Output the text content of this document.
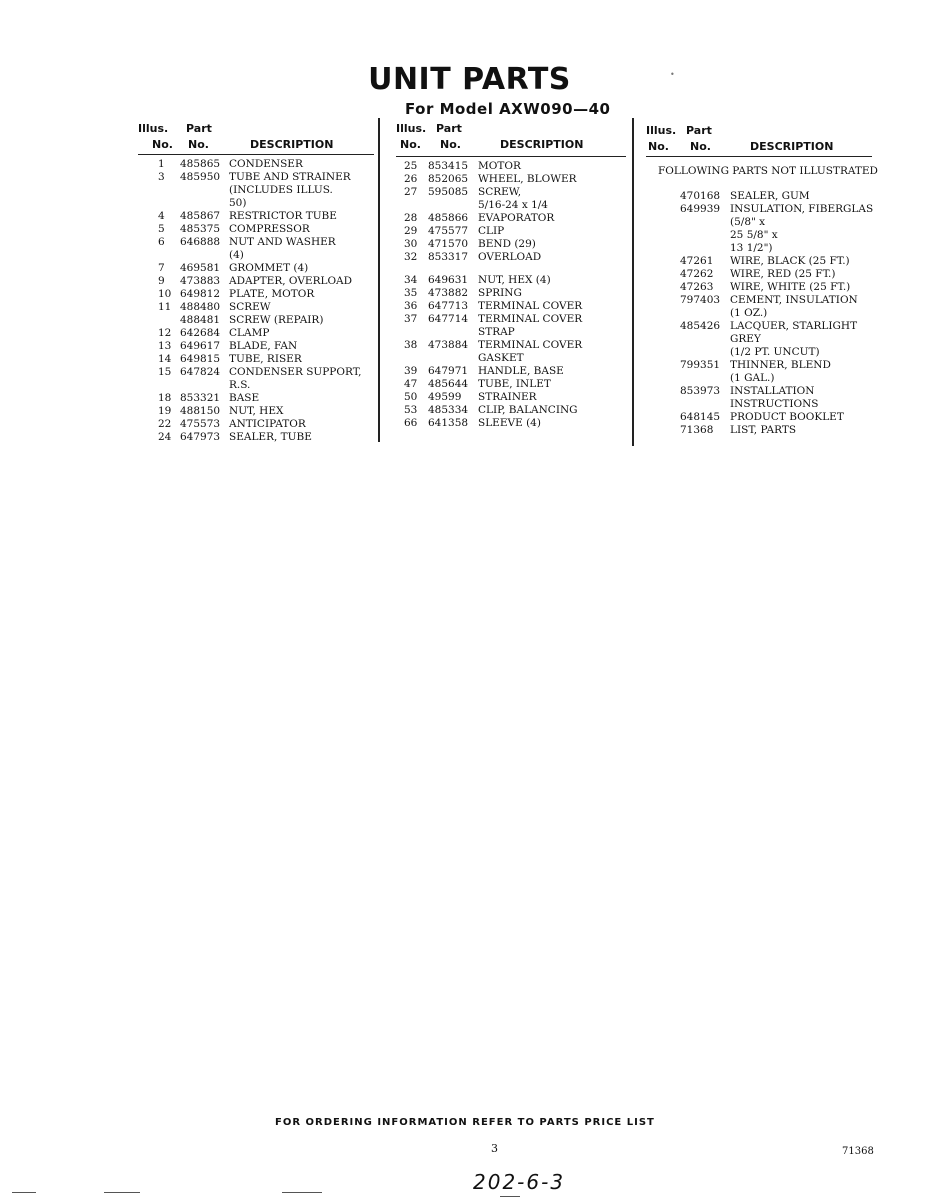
UNIT PARTS
For Model AXW090—40
•
Illus. Part
No. No.	DESCRIPTION
1 485865 CONDENSER
3 485950 TUBE AND STRAINER
(INCLUDES ILLUS.
50)
4 485867 RESTRICTOR TUBE
5 485375 COMPRESSOR
6 646888 NUT AND WASHER
(4)
7 469581 GROMMET (4)
9 473883 ADAPTER, OVERLOAD
10 649812 PLATE, MOTOR
11 488480 SCREW
488481 SCREW (REPAIR)
12 642684 CLAMP
13 649617 BLADE, FAN
14 649815 TUBE, RISER
15 647824 CONDENSER SUPPORT,
R.S.
18 853321 BASE
19 488150 NUT, HEX
22 475573 ANTICIPATOR
24 647973 SEALER, TUBE
Illus. Part
No. No.	DESCRIPTION
25 853415 MOTOR
26 852065 WHEEL, BLOWER
27 595085 SCREW,
5/16-24 x 1/4
28 485866 EVAPORATOR
29 475577 CLIP
30 471570 BEND (29)
32 853317 OVERLOAD
34 649631 NUT, HEX (4)
35 473882 SPRING
36 647713 TERMINAL COVER
37 647714 TERMINAL COVER
STRAP
38 473884 TERMINAL COVER
GASKET
39 647971 HANDLE, BASE
47 485644 TUBE, INLET
50 49599 STRAINER
53 485334 CLIP, BALANCING
66 641358 SLEEVE (4)
Illus. Part
No. No.	DESCRIPTION
FOLLOWING PARTS NOT ILLUSTRATED
470168 SEALER, GUM
649939 INSULATION, FIBERGLAS
(5/8" x
25 5/8" x
13 1/2")
47261 WIRE, BLACK (25 FT.)
47262 WIRE, RED (25 FT.)
47263 WIRE, WHITE (25 FT.)
797403 CEMENT, INSULATION
(1 OZ.)
485426 LACQUER, STARLIGHT
GREY
(1/2 PT. UNCUT)
799351 THINNER, BLEND
(1 GAL.)
853973 INSTALLATION
INSTRUCTIONS
648145 PRODUCT BOOKLET
71368 LIST, PARTS
FOR ORDERING INFORMATION REFER TO PARTS PRICE LIST
3	71368
202-6-3
